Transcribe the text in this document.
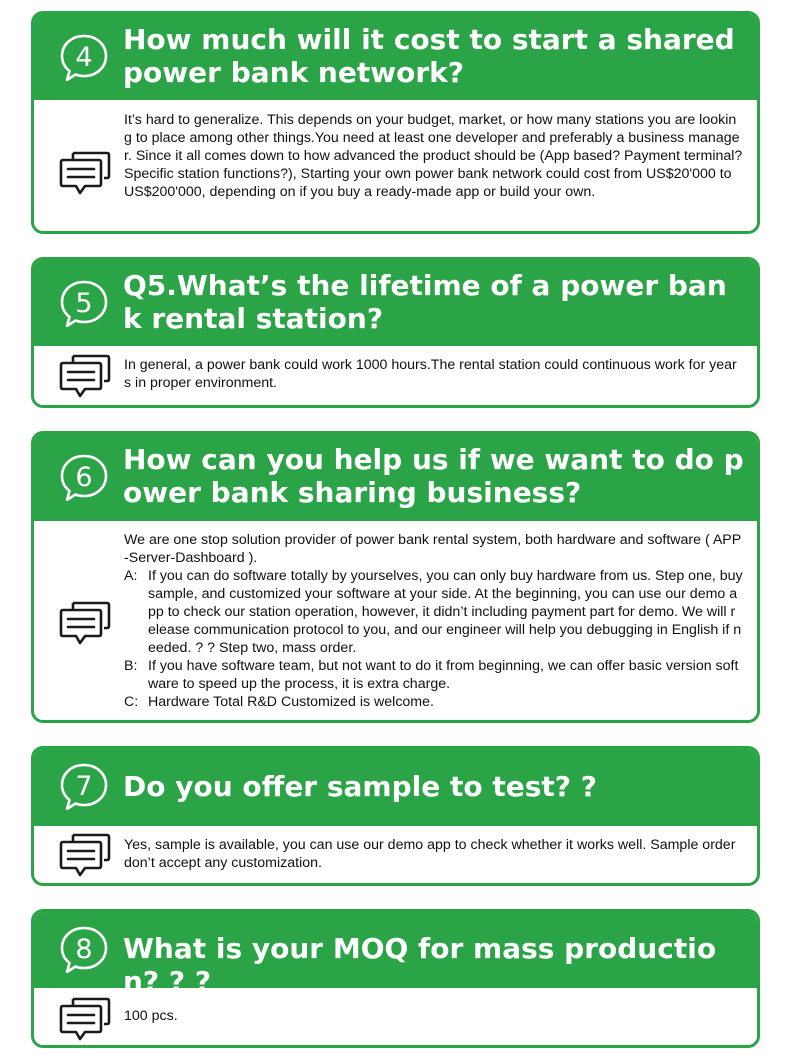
4
How much will it cost to start a shared power bank network?
It’s hard to generalize. This depends on your budget, market, or how many stations you are looking to place among other things.You need at least one developer and preferably a business manager. Since it all comes down to how advanced the product should be (App based? Payment terminal? Specific station functions?), Starting your own power bank network could cost from US$20'000 to US$200'000, depending on if you buy a ready-made app or build your own.
5
Q5.What’s the lifetime of a power bank rental station?
In general, a power bank could work 1000 hours.The rental station could continuous work for years in proper environment.
6
How can you help us if we want to do power bank sharing business?
We are one stop solution provider of power bank rental system, both hardware and software ( APP-Server-Dashboard ).
A: If you can do software totally by yourselves, you can only buy hardware from us. Step one, buy sample, and customized your software at your side. At the beginning, you can use our demo app to check our station operation, however, it didn’t including payment part for demo. We will release communication protocol to you, and our engineer will help you debugging in English if needed. ? ? Step two, mass order.
B: If you have software team, but not want to do it from beginning, we can offer basic version software to speed up the process, it is extra charge.
C: Hardware Total R&D Customized is welcome.
7 Do you offer sample to test? ?
Yes, sample is available, you can use our demo app to check whether it works well. Sample order don’t accept any customization.
8 What is your MOQ for mass production? ? ?
100 pcs.
